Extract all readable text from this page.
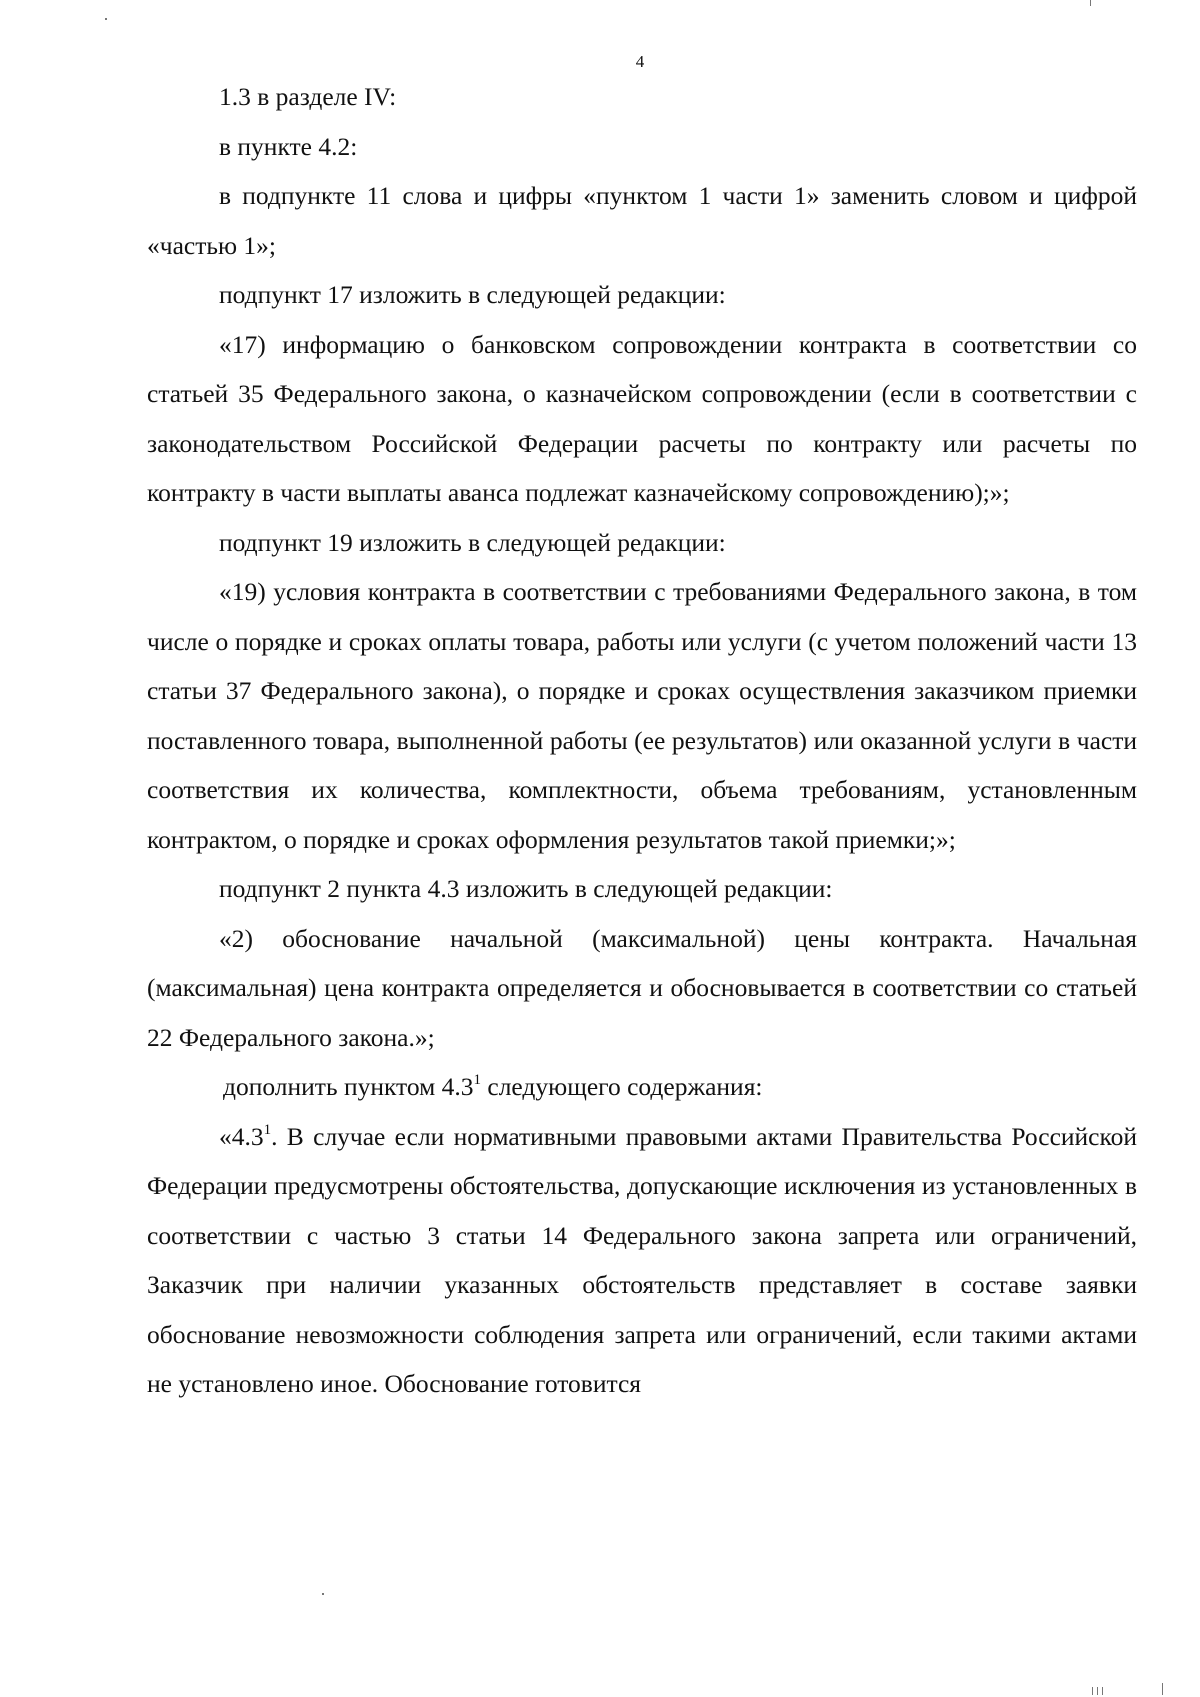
4

1.3 в разделе IV:

в пункте 4.2:

в подпункте 11 слова и цифры «пунктом 1 части 1» заменить словом и цифрой «частью 1»;

подпункт 17 изложить в следующей редакции:

«17) информацию о банковском сопровождении контракта в соответствии со статьей 35 Федерального закона, о казначейском сопровождении (если в соответствии с законодательством Российской Федерации расчеты по контракту или расчеты по контракту в части выплаты аванса подлежат казначейскому сопровождению);»;

подпункт 19 изложить в следующей редакции:

«19) условия контракта в соответствии с требованиями Федерального закона, в том числе о порядке и сроках оплаты товара, работы или услуги (с учетом положений части 13 статьи 37 Федерального закона), о порядке и сроках осуществления заказчиком приемки поставленного товара, выполненной работы (ее результатов) или оказанной услуги в части соответствия их количества, комплектности, объема требованиям, установленным контрактом, о порядке и сроках оформления результатов такой приемки;»;

подпункт 2 пункта 4.3 изложить в следующей редакции:

«2) обоснование начальной (максимальной) цены контракта. Начальная (максимальная) цена контракта определяется и обосновывается в соответствии со статьей 22 Федерального закона.»;

дополнить пунктом $4.3^1$ следующего содержания:

«$4.3^1$. В случае если нормативными правовыми актами Правительства Российской Федерации предусмотрены обстоятельства, допускающие исключения из установленных в соответствии с частью 3 статьи 14 Федерального закона запрета или ограничений, Заказчик при наличии указанных обстоятельств представляет в составе заявки обоснование невозможности соблюдения запрета или ограничений, если такими актами не установлено иное. Обоснование готовится
